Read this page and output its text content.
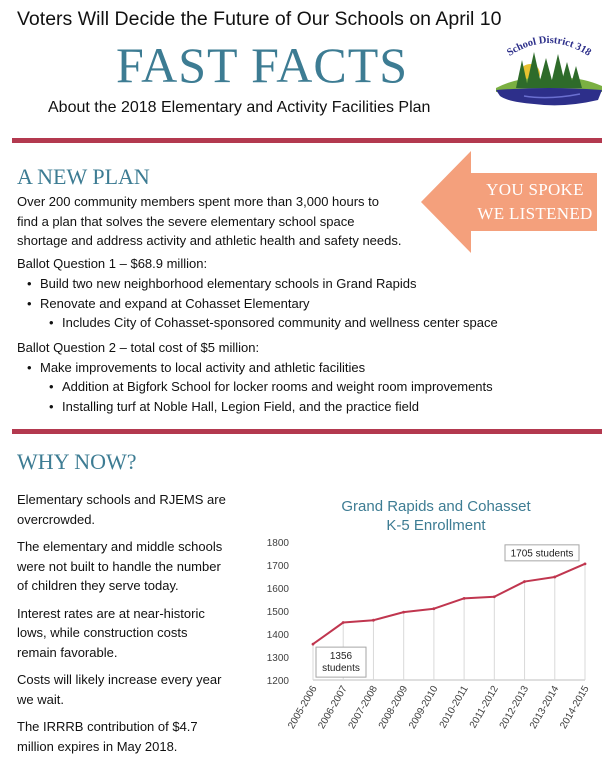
Voters Will Decide the Future of Our Schools on April 10
FAST FACTS
About the 2018 Elementary and Activity Facilities Plan
School District 318
A NEW PLAN
Over 200 community members spent more than 3,000 hours to
find a plan that solves the severe elementary school space
shortage and address activity and athletic health and safety needs.
YOU SPOKE
WE LISTENED
Ballot Question 1 – $68.9 million:
• Build two new neighborhood elementary schools in Grand Rapids
• Renovate and expand at Cohasset Elementary
• Includes City of Cohasset-sponsored community and wellness center space
Ballot Question 2 – total cost of $5 million:
• Make improvements to local activity and athletic facilities
• Addition at Bigfork School for locker rooms and weight room improvements
• Installing turf at Noble Hall, Legion Field, and the practice field
WHY NOW?

Elementary schools and RJEMS are
overcrowded.

The elementary and middle schools
were not built to handle the number
of children they serve today.

Interest rates are at near-historic
lows, while construction costs
remain favorable.

Costs will likely increase every year
we wait.

The IRRRB contribution of $4.7
million expires in May 2018.

Grand Rapids and Cohasset
K-5 Enrollment
1200
1300
1400
1500
1600
1700
1800
2005-2006
2006-2007
2007-2008
2008-2009
2009-2010
2010-2011
2011-2012
2012-2013
2013-2014
2014-2015
1356
students
1705 students
